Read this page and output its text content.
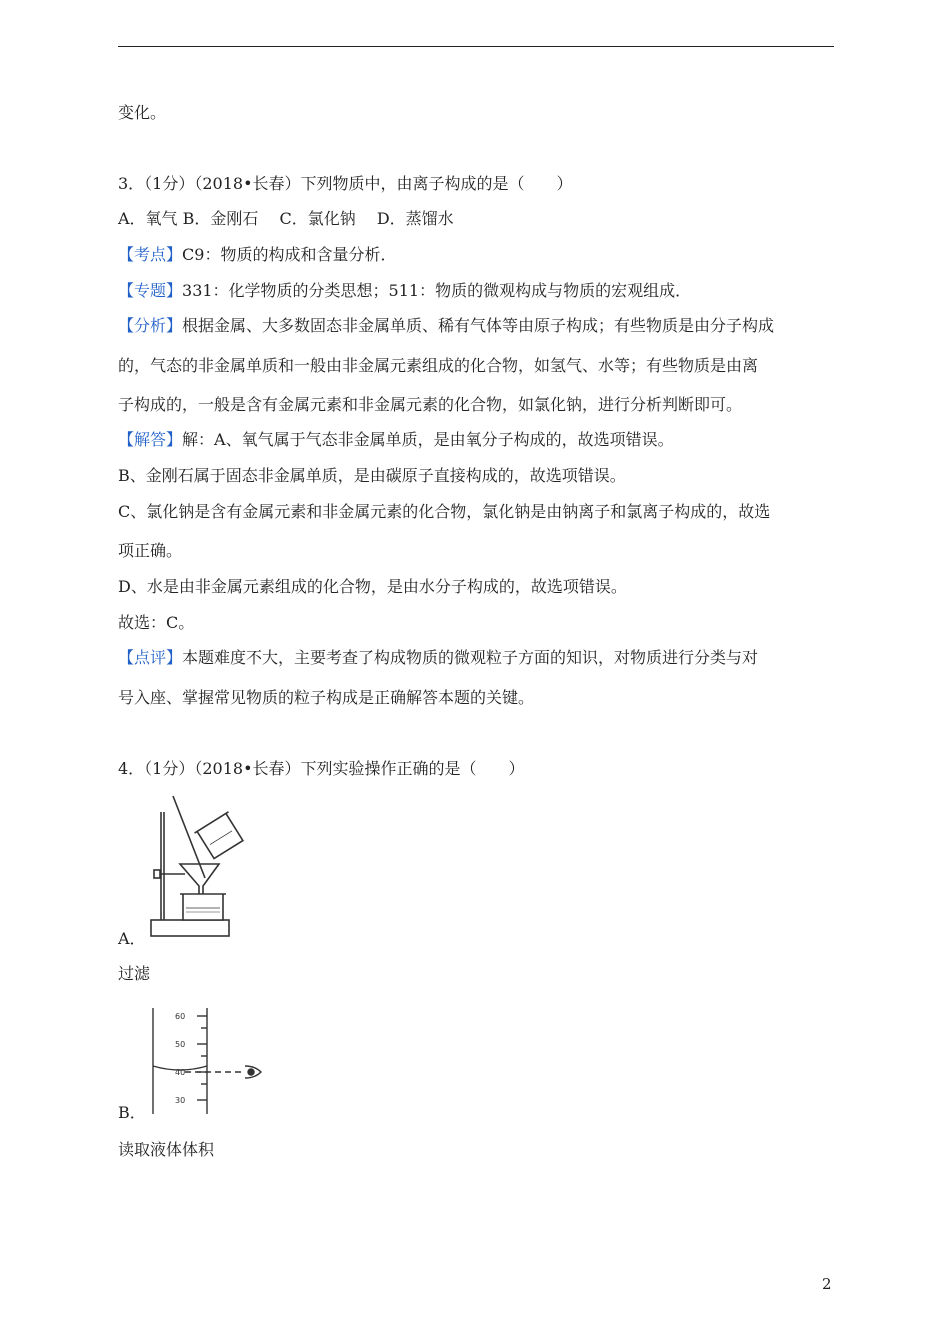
变化。
3．（1分）（2018•长春）下列物质中，由离子构成的是（　　）
A．氧气 B．金刚石　 C．氯化钠　 D．蒸馏水
【考点】C9：物质的构成和含量分析．
【专题】331：化学物质的分类思想；511：物质的微观构成与物质的宏观组成．
【分析】根据金属、大多数固态非金属单质、稀有气体等由原子构成；有些物质是由分子构成
的，气态的非金属单质和一般由非金属元素组成的化合物，如氢气、水等；有些物质是由离
子构成的，一般是含有金属元素和非金属元素的化合物，如氯化钠，进行分析判断即可。
【解答】解：A、氧气属于气态非金属单质，是由氧分子构成的，故选项错误。
B、金刚石属于固态非金属单质，是由碳原子直接构成的，故选项错误。
C、氯化钠是含有金属元素和非金属元素的化合物，氯化钠是由钠离子和氯离子构成的，故选
项正确。
D、水是由非金属元素组成的化合物，是由水分子构成的，故选项错误。
故选：C。
【点评】本题难度不大，主要考查了构成物质的微观粒子方面的知识，对物质进行分类与对
号入座、掌握常见物质的粒子构成是正确解答本题的关键。
4．（1分）（2018•长春）下列实验操作正确的是（　　）
A．
过滤
60
50
40
30
B．
读取液体体积
2
